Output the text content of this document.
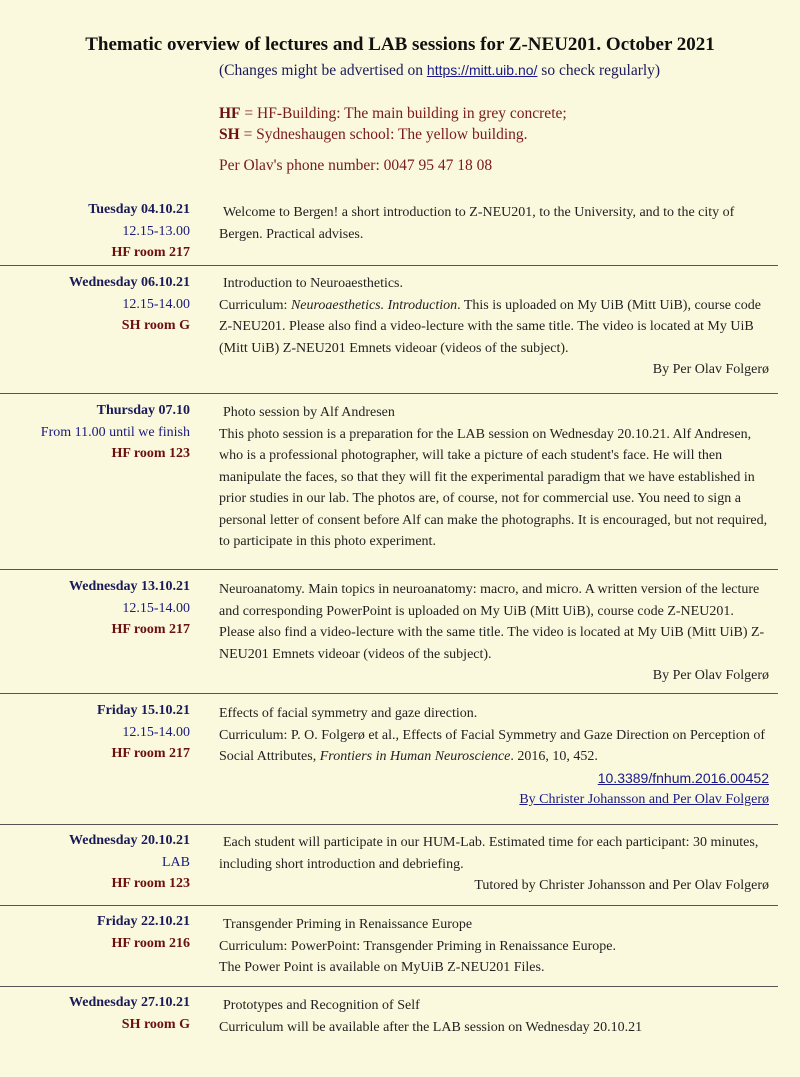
Thematic overview of lectures and LAB sessions for Z-NEU201. October 2021
(Changes might be advertised on https://mitt.uib.no/ so check regularly)
HF = HF-Building: The main building in grey concrete;
SH = Sydneshaugen school: The yellow building.
Per Olav's phone number: 0047 95 47 18 08
Tuesday 04.10.21
12.15-13.00
HF room 217

Welcome to Bergen! a short introduction to Z-NEU201, to the University, and to the city of Bergen. Practical advises.

Wednesday 06.10.21
12.15-14.00
SH room G

Introduction to Neuroaesthetics.

Curriculum: Neuroaesthetics. Introduction. This is uploaded on My UiB (Mitt UiB), course code Z-NEU201. Please also find a video-lecture with the same title. The video is located at My UiB (Mitt UiB) Z-NEU201 Emnets videoar (videos of the subject).

By Per Olav Folgerø

Thursday 07.10
From 11.00 until we finish
HF room 123

Photo session by Alf Andresen

This photo session is a preparation for the LAB session on Wednesday 20.10.21. Alf Andresen, who is a professional photographer, will take a picture of each student's face. He will then manipulate the faces, so that they will fit the experimental paradigm that we have established in prior studies in our lab. The photos are, of course, not for commercial use. You need to sign a personal letter of consent before Alf can make the photographs. It is encouraged, but not required, to participate in this photo experiment.

Wednesday 13.10.21
12.15-14.00
HF room 217

Neuroanatomy. Main topics in neuroanatomy: macro, and micro. A written version of the lecture and corresponding PowerPoint is uploaded on My UiB (Mitt UiB), course code Z-NEU201. Please also find a video-lecture with the same title. The video is located at My UiB (Mitt UiB) Z-NEU201 Emnets videoar (videos of the subject).

By Per Olav Folgerø

Friday 15.10.21
12.15-14.00
HF room 217

Effects of facial symmetry and gaze direction.

Curriculum: P. O. Folgerø et al., Effects of Facial Symmetry and Gaze Direction on Perception of Social Attributes, Frontiers in Human Neuroscience. 2016, 10, 452.

10.3389/fnhum.2016.00452

By Christer Johansson and Per Olav Folgerø

Wednesday 20.10.21
LAB
HF room 123

Each student will participate in our HUM-Lab. Estimated time for each participant: 30 minutes, including short introduction and debriefing.

Tutored by Christer Johansson and Per Olav Folgerø

Friday 22.10.21
HF room 216

Transgender Priming in Renaissance Europe

Curriculum: PowerPoint: Transgender Priming in Renaissance Europe.

The Power Point is available on MyUiB Z-NEU201 Files.

Wednesday 27.10.21
SH room G

Prototypes and Recognition of Self

Curriculum will be available after the LAB session on Wednesday 20.10.21
